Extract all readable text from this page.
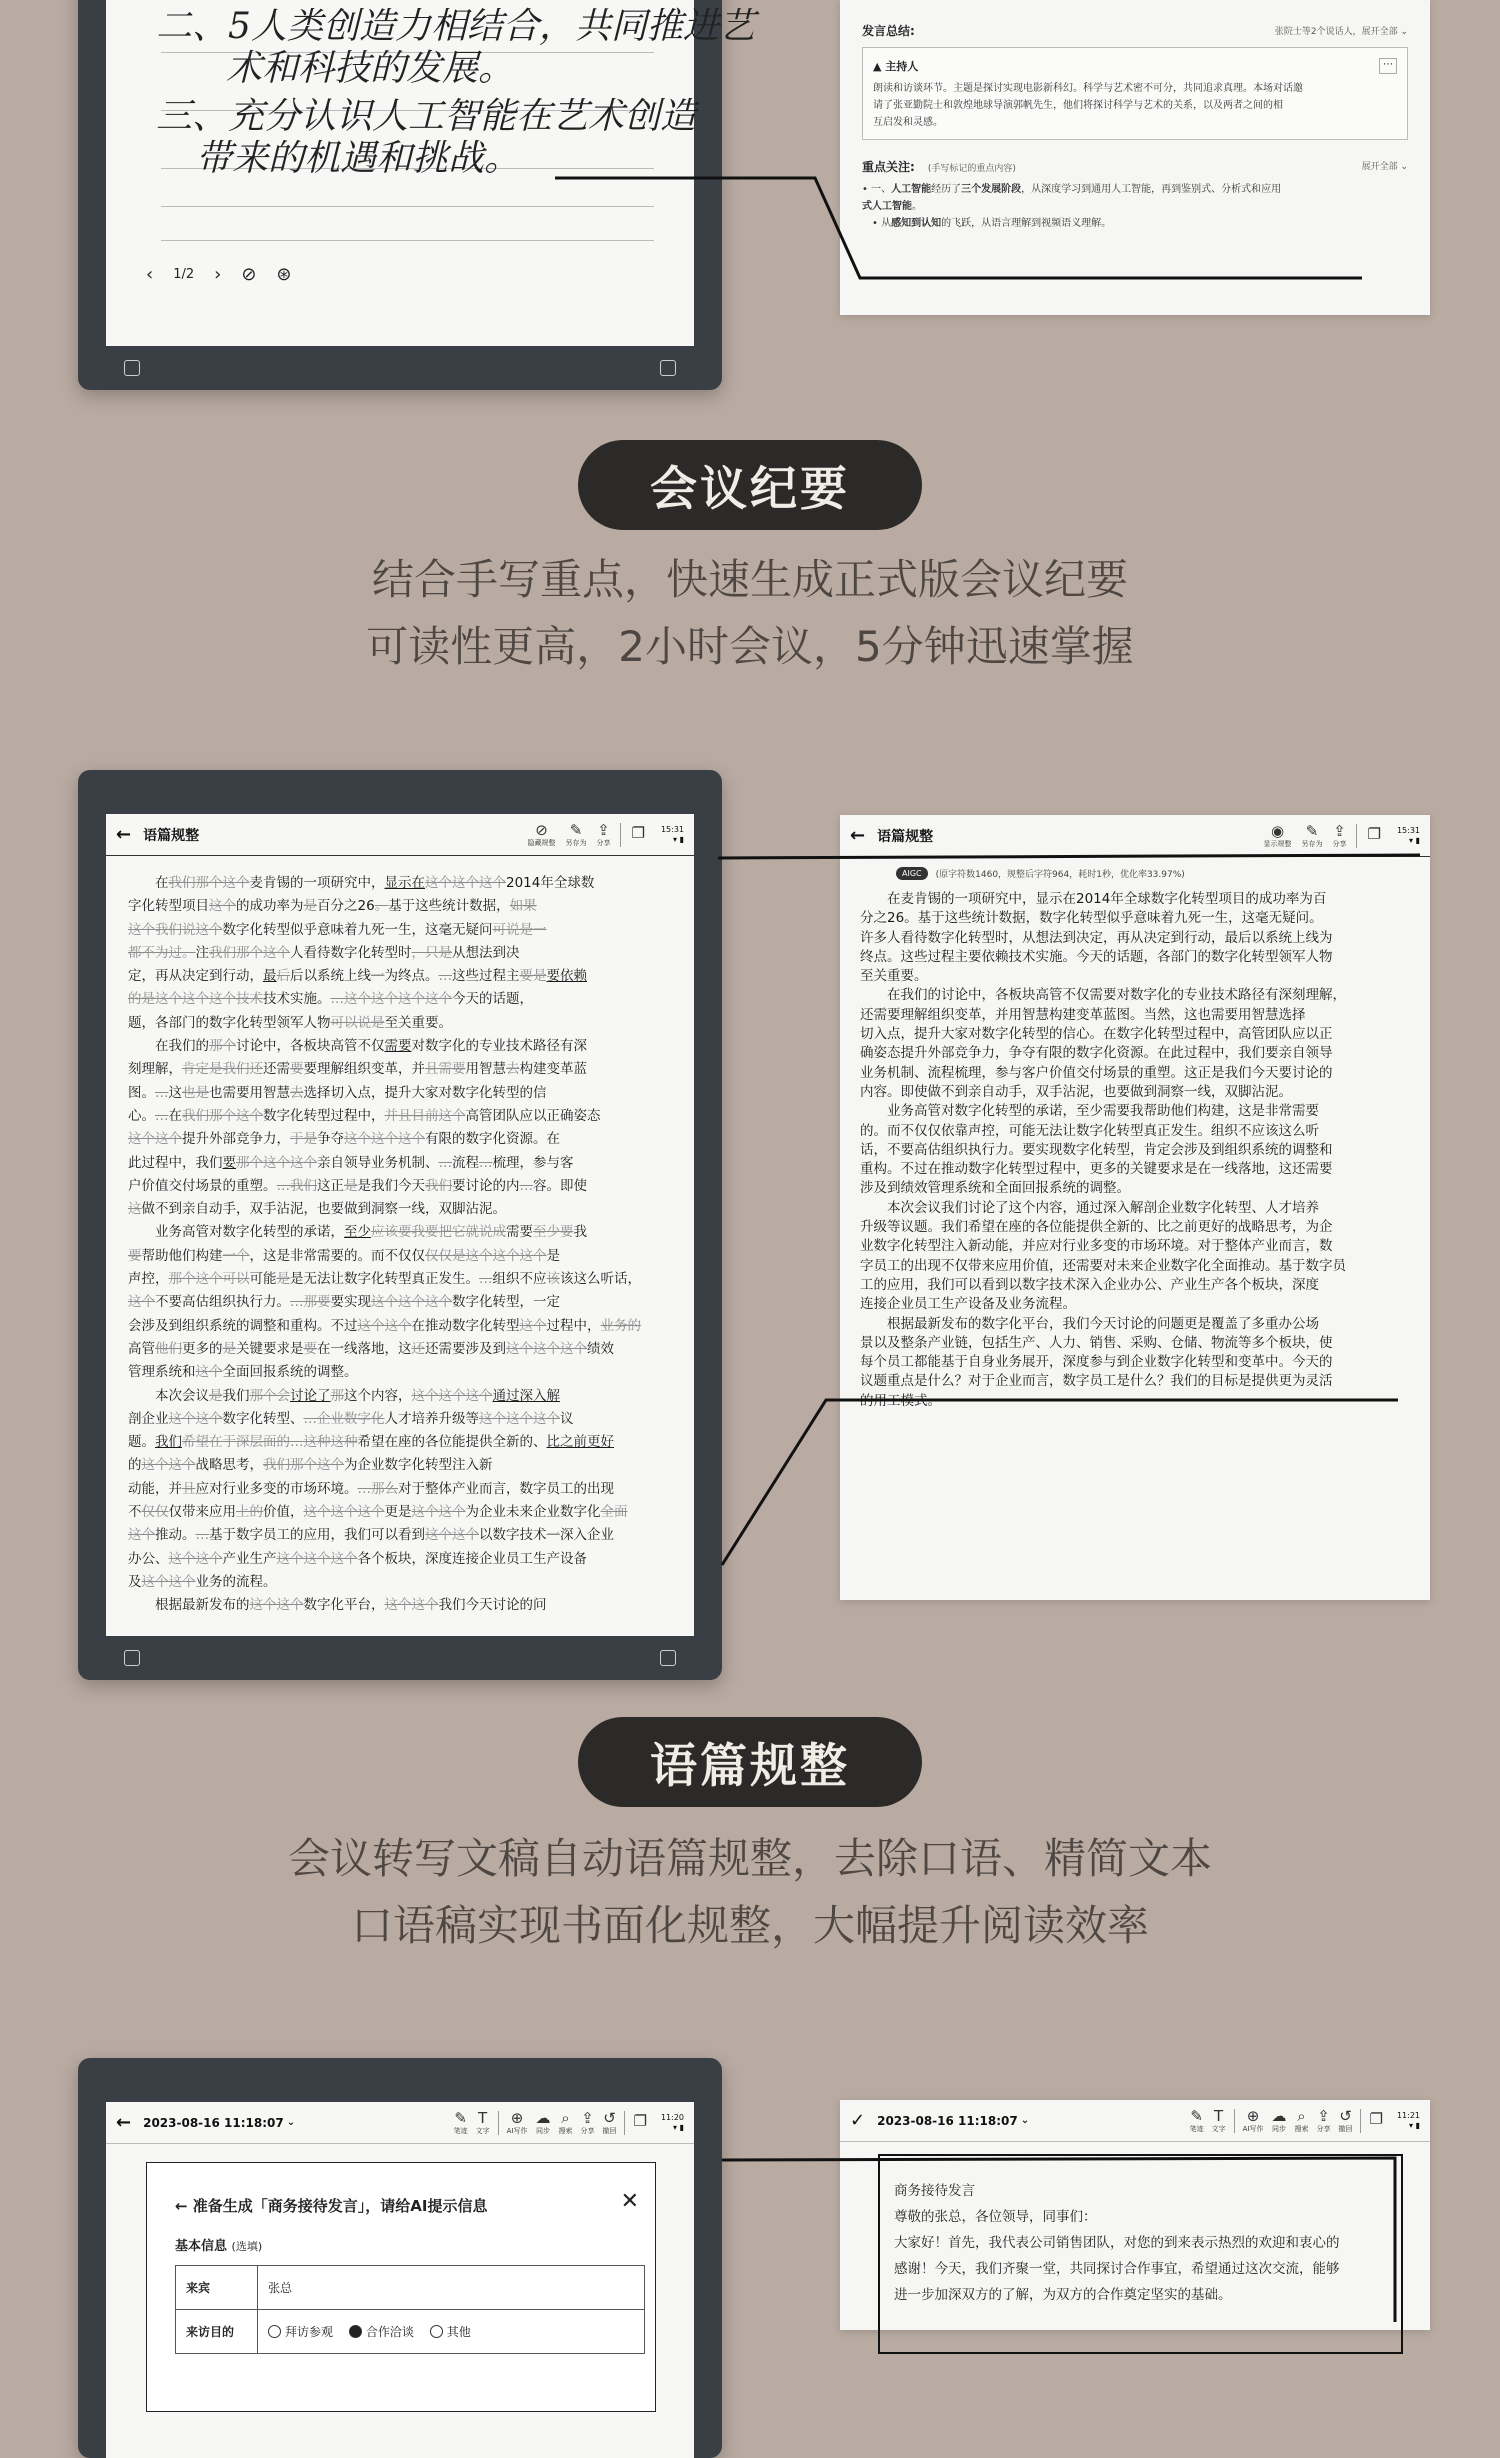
二、5人类创造力相结合，共同推进艺
术和科技的发展。
三、充分认识人工智能在艺术创造
带来的机遇和挑战。
‹ 1/2 › ⊘ ⊛
发言总结:	张院士等2个说话人，展开全部 ⌄
▲ 主持人	⋯

朗读和访谈环节。主题是探讨实现电影新科幻。科学与艺术密不可分，共同追求真理。本场对话邀
请了张亚勤院士和敦煌地球导演郭帆先生，他们将探讨科学与艺术的关系，以及两者之间的相
互启发和灵感。

重点关注: (手写标记的重点内容)	展开全部 ⌄
• 一、人工智能经历了三个发展阶段，从深度学习到通用人工智能，再到鉴别式、分析式和应用
式人工智能。
• 从感知到认知的飞跃，从语言理解到视频语义理解。
会议纪要
结合手写重点，快速生成正式版会议纪要
可读性更高，2小时会议，5分钟迅速掌握
← 语篇规整	⊘
隐藏规整
✎
另存为
⇪
分享
❐ 15:31
▾ ▮

　　在我们那个这个麦肯锡的一项研究中，显示在这个这个这个2014年全球数

字化转型项目这个的成功率为是百分之26。基于这些统计数据，如果

这个我们说这个数字化转型似乎意味着九死一生，这毫无疑问可说是一

都不为过。注我们那个这个人看待数字化转型时，只是从想法到决

定，再从决定到行动，最后后以系统上线一为终点。…这些过程主要是要依赖

的是这个这个这个技术技术实施。…这个这个这个这个今天的话题，

题，各部门的数字化转型领军人物可以说是至关重要。

　　在我们的那个讨论中，各板块高管不仅需要对数字化的专业技术路径有深

刻理解，肯定是我们还还需要要理解组织变革，并且需要用智慧去构建变革蓝

图。…这也是也需要用智慧去选择切入点，提升大家对数字化转型的信

心。…在我们那个这个数字化转型过程中，并且目前这个高管团队应以正确姿态

这个这个提升外部竞争力，于是争夺这个这个这个有限的数字化资源。在

此过程中，我们要那个这个这个亲自领导业务机制、…流程…梳理，参与客

户价值交付场景的重塑。…我们这正是是我们今天我们要讨论的内…容。即使

这做不到亲自动手，双手沾泥，也要做到洞察一线，双脚沾泥。

　　业务高管对数字化转型的承诺，至少应该要我要把它就说成需要至少要我

要帮助他们构建一个，这是非常需要的。而不仅仅仅仅是这个这个这个是

声控，那个这个可以可能是是无法让数字化转型真正发生。…组织不应该该这么听话，

这个不要高估组织执行力。…那要要实现这个这个这个数字化转型，一定

会涉及到组织系统的调整和重构。不过这个这个在推动数字化转型这个过程中，业务的

高管他们更多的是关键要求是要在一线落地，这还还需要涉及到这个这个这个绩效

管理系统和这个全面回报系统的调整。

　　本次会议是我们那个会讨论了那这个内容，这个这个这个通过深入解

剖企业这个这个数字化转型、…企业数字化人才培养升级等这个这个这个议

题。我们希望在于深层面的…这种这种希望在座的各位能提供全新的、比之前更好

的这个这个战略思考，我们那个这个为企业数字化转型注入新

动能，并且应对行业多变的市场环境。…那么对于整体产业而言，数字员工的出现

不仅仅仅带来应用上的价值，这个这个这个更是这个这个为企业未来企业数字化全面

这个推动。…基于数字员工的应用，我们可以看到这个这个以数字技术一深入企业

办公、这个这个产业生产这个这个这个各个板块，深度连接企业员工生产设备

及这个这个业务的流程。

　　根据最新发布的这个这个数字化平台，这个这个我们今天讨论的问

← 语篇规整	◉
显示规整
✎
另存为
⇪
分享
❐ 15:31
▾ ▮
AIGC	(原字符数1460，规整后字符964，耗时1秒，优化率33.97%)

　　在麦肯锡的一项研究中，显示在2014年全球数字化转型项目的成功率为百

分之26。基于这些统计数据，数字化转型似乎意味着九死一生，这毫无疑问。

许多人看待数字化转型时，从想法到决定，再从决定到行动，最后以系统上线为

终点。这些过程主要依赖技术实施。今天的话题，各部门的数字化转型领军人物

至关重要。

　　在我们的讨论中，各板块高管不仅需要对数字化的专业技术路径有深刻理解，

还需要理解组织变革，并用智慧构建变革蓝图。当然，这也需要用智慧选择

切入点，提升大家对数字化转型的信心。在数字化转型过程中，高管团队应以正

确姿态提升外部竞争力，争夺有限的数字化资源。在此过程中，我们要亲自领导

业务机制、流程梳理，参与客户价值交付场景的重塑。这正是我们今天要讨论的

内容。即使做不到亲自动手，双手沾泥，也要做到洞察一线，双脚沾泥。

　　业务高管对数字化转型的承诺，至少需要我帮助他们构建，这是非常需要

的。而不仅仅依靠声控，可能无法让数字化转型真正发生。组织不应该这么听

话，不要高估组织执行力。要实现数字化转型，肯定会涉及到组织系统的调整和

重构。不过在推动数字化转型过程中，更多的关键要求是在一线落地，这还需要

涉及到绩效管理系统和全面回报系统的调整。

　　本次会议我们讨论了这个内容，通过深入解剖企业数字化转型、人才培养

升级等议题。我们希望在座的各位能提供全新的、比之前更好的战略思考，为企

业数字化转型注入新动能，并应对行业多变的市场环境。对于整体产业而言，数

字员工的出现不仅带来应用价值，还需要对未来企业数字化全面推动。基于数字员

工的应用，我们可以看到以数字技术深入企业办公、产业生产各个板块，深度

连接企业员工生产设备及业务流程。

　　根据最新发布的数字化平台，我们今天讨论的问题更是覆盖了多重办公场

景以及整条产业链，包括生产、人力、销售、采购、仓储、物流等多个板块，使

每个员工都能基于自身业务展开，深度参与到企业数字化转型和变革中。今天的

议题重点是什么？对于企业而言，数字员工是什么？我们的目标是提供更为灵活

的用工模式。

语篇规整
会议转写文稿自动语篇规整，去除口语、精简文本
口语稿实现书面化规整，大幅提升阅读效率
← 2023-08-16 11:18:07 ⌄	✎
笔迹
T
文字
⊕
AI写作
☁
同步
⌕
搜索
⇪
分享
↺
撤回
❐ 11:20
▾ ▮
← 准备生成「商务接待发言」，请给AI提示信息	✕
基本信息 (选填)
来宾	张总
来访目的	拜访参观
合作洽谈
其他
✓ 2023-08-16 11:18:07 ⌄	✎
笔迹
T
文字
⊕
AI写作
☁
同步
⌕
搜索
⇪
分享
↺
撤回
❐ 11:21
▾ ▮
商务接待发言
尊敬的张总，各位领导，同事们：
大家好！首先，我代表公司销售团队，对您的到来表示热烈的欢迎和衷心的
感谢！今天，我们齐聚一堂，共同探讨合作事宜，希望通过这次交流，能够
进一步加深双方的了解，为双方的合作奠定坚实的基础。
